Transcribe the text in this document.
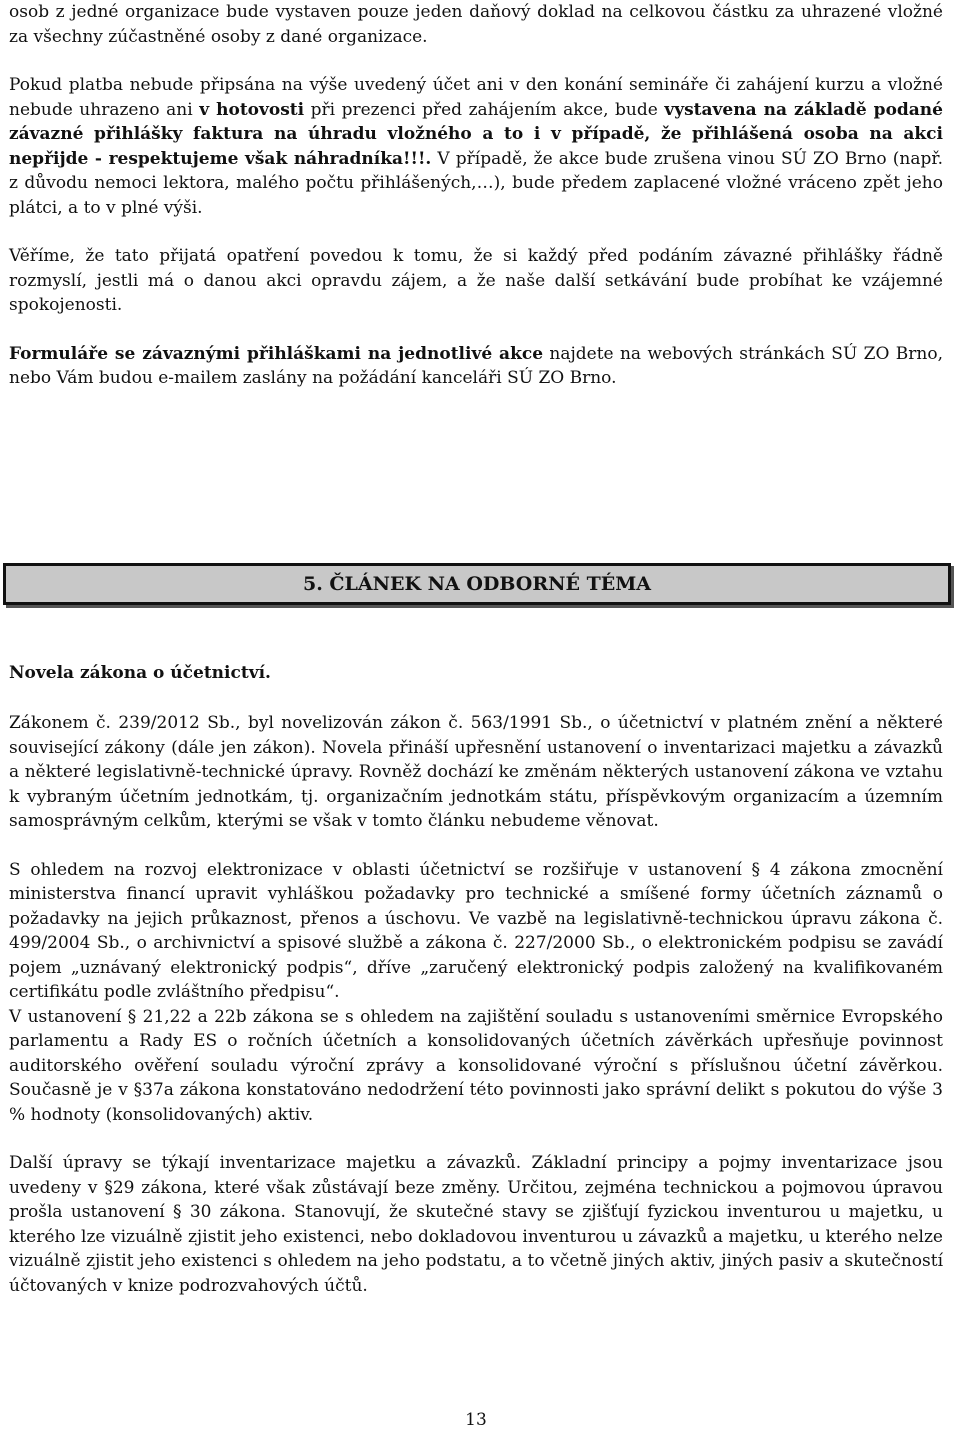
osob z jedné organizace bude vystaven pouze jeden daňový doklad na celkovou částku za uhrazené vložné za všechny zúčastněné osoby z dané organizace.

Pokud platba nebude připsána na výše uvedený účet ani v den konání semináře či zahájení kurzu a vložné nebude uhrazeno ani v hotovosti při prezenci před zahájením akce, bude vystavena na základě podané závazné přihlášky faktura na úhradu vložného a to i v případě, že přihlášená osoba na akci nepřijde - respektujeme však náhradníka!!!. V případě, že akce bude zrušena vinou SÚ ZO Brno (např. z důvodu nemoci lektora, malého počtu přihlášených,…), bude předem zaplacené vložné vráceno zpět jeho plátci, a to v plné výši.

Věříme, že tato přijatá opatření povedou k tomu, že si každý před podáním závazné přihlášky řádně rozmyslí, jestli má o danou akci opravdu zájem, a že naše další setkávání bude probíhat ke vzájemné spokojenosti.

Formuláře se závaznými přihláškami na jednotlivé akce najdete na webových stránkách SÚ ZO Brno, nebo Vám budou e-mailem zaslány na požádání kanceláři SÚ ZO Brno.

5. ČLÁNEK NA ODBORNÉ TÉMA
Novela zákona o účetnictví.

Zákonem č. 239/2012 Sb., byl novelizován zákon č. 563/1991 Sb., o účetnictví v platném znění a některé související zákony (dále jen zákon). Novela přináší upřesnění ustanovení o inventarizaci majetku a závazků a některé legislativně-technické úpravy. Rovněž dochází ke změnám některých ustanovení zákona ve vztahu k vybraným účetním jednotkám, tj. organizačním jednotkám státu, příspěvkovým organizacím a územním samosprávným celkům, kterými se však v tomto článku nebudeme věnovat.

S ohledem na rozvoj elektronizace v oblasti účetnictví se rozšiřuje v ustanovení § 4 zákona zmocnění ministerstva financí upravit vyhláškou požadavky pro technické a smíšené formy účetních záznamů o požadavky na jejich průkaznost, přenos a úschovu. Ve vazbě na legislativně-technickou úpravu zákona č. 499/2004 Sb., o archivnictví a spisové službě a zákona č. 227/2000 Sb., o elektronickém podpisu se zavádí pojem „uznávaný elektronický podpis“, dříve „zaručený elektronický podpis založený na kvalifikovaném certifikátu podle zvláštního předpisu“.

V ustanovení § 21,22 a 22b zákona se s ohledem na zajištění souladu s ustanoveními směrnice Evropského parlamentu a Rady ES o ročních účetních a konsolidovaných účetních závěrkách upřesňuje povinnost auditorského ověření souladu výroční zprávy a konsolidované výroční s příslušnou účetní závěrkou. Současně je v §37a zákona konstatováno nedodržení této povinnosti jako správní delikt s pokutou do výše 3 % hodnoty (konsolidovaných) aktiv.

Další úpravy se týkají inventarizace majetku a závazků. Základní principy a pojmy inventarizace jsou uvedeny v §29 zákona, které však zůstávají beze změny. Určitou, zejména technickou a pojmovou úpravou prošla ustanovení § 30 zákona. Stanovují, že skutečné stavy se zjišťují fyzickou inventurou u majetku, u kterého lze vizuálně zjistit jeho existenci, nebo dokladovou inventurou u závazků a majetku, u kterého nelze vizuálně zjistit jeho existenci s ohledem na jeho podstatu, a to včetně jiných aktiv, jiných pasiv a skutečností účtovaných v knize podrozvahových účtů.

13
